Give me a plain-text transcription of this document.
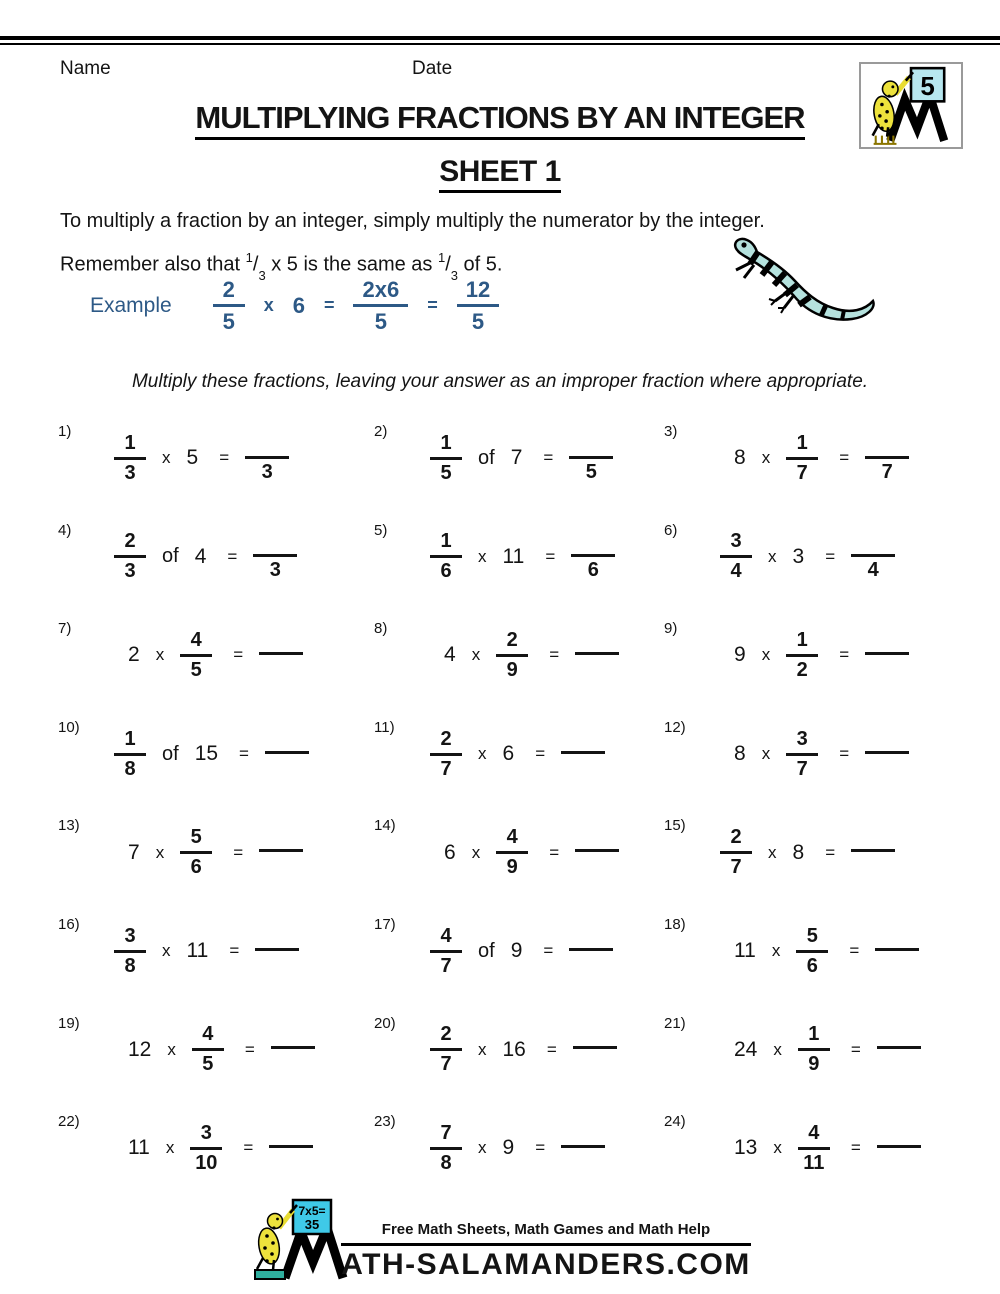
Name	Date
5
MULTIPLYING FRACTIONS BY AN INTEGER
SHEET 1
To multiply a fraction by an integer, simply multiply the numerator by the integer.
Remember also that $^1/_3$ x 5 is the same as $^1/_3$ of 5.
Example $\frac{2}{5}$ x $6 = \frac{2x6}{5} = \frac{12}{5}$
Multiply these fractions, leaving your answer as an improper fraction where appropriate.
1)
$\frac{1}{3}$ x 5 =
3
2)
$\frac{1}{5}$ of 7 =
5
3)
8 x $\frac{1}{7}$ =
7
4)
$\frac{2}{3}$ of 4 =
3
5)
$\frac{1}{6}$ x 11 =
6
6)
$\frac{3}{4}$ x 3 =
4
7)
2 x $\frac{4}{5}$ =
8)
4 x $\frac{2}{9}$ =
9)
9 x $\frac{1}{2}$ =
10)
$\frac{1}{8}$ of 15 =
11)
$\frac{2}{7}$ x 6 =
12)
8 x $\frac{3}{7}$ =
13)
7 x $\frac{5}{6}$ =
14)
6 x $\frac{4}{9}$ =
15)
$\frac{2}{7}$ x 8 =
16)
$\frac{3}{8}$ x 11 =
17)
$\frac{4}{7}$ of 9 =
18)
11 x $\frac{5}{6}$ =
19)
12 x $\frac{4}{5}$ =
20)
$\frac{2}{7}$ x 16 =
21)
24 x $\frac{1}{9}$ =
22)
11 x $\frac{3}{10}$ =
23)
$\frac{7}{8}$ x 9 =
24)
13 x $\frac{4}{11}$ =
7x5=
35	Free Math Sheets, Math Games and Math Help
ATH-SALAMANDERS.COM
